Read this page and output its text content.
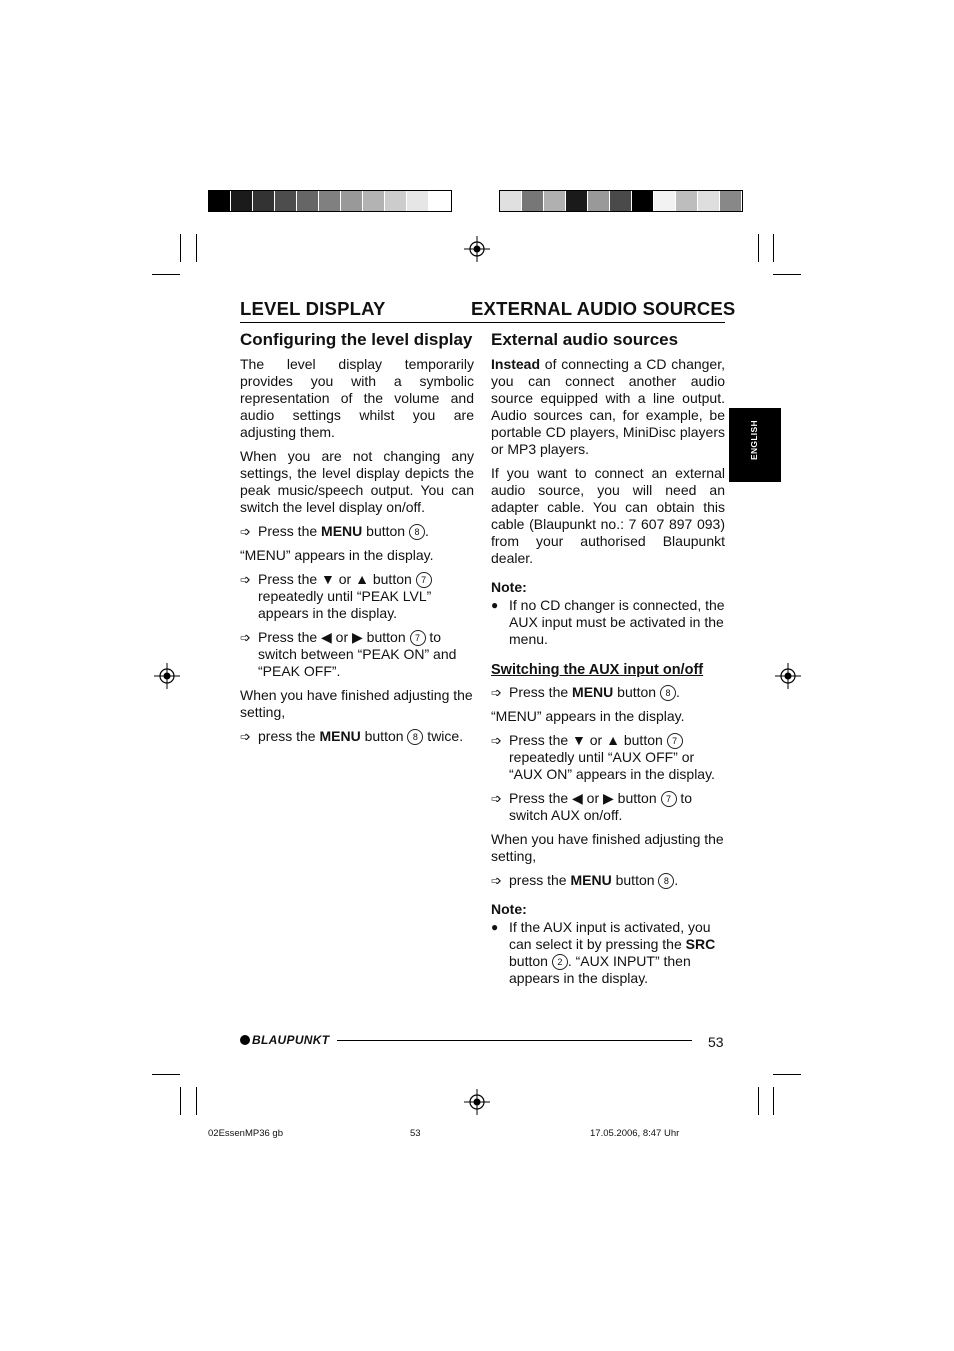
LEVEL DISPLAY	EXTERNAL AUDIO SOURCES
Configuring the level display

The level display temporarily provides you with a symbolic representation of the volume and audio settings whilst you are adjusting them.

When you are not changing any settings, the level display depicts the peak music/speech output. You can switch the level display on/off.

➩ Press the MENU button 8 .

“MENU” appears in the display.

➩ Press the ▼ or ▲ button 7 repeatedly until “PEAK LVL” appears in the display.
➩ Press the ◀ or ▶ button 7 to switch between “PEAK ON” and “PEAK OFF”.

When you have finished adjusting the setting,

➩ press the MENU button 8 twice.
External audio sources

Instead of connecting a CD changer, you can connect another audio source equipped with a line output. Audio sources can, for example, be portable CD players, MiniDisc players or MP3 players.

If you want to connect an external audio source, you will need an adapter cable. You can obtain this cable (Blaupunkt no.: 7 607 897 093) from your authorised Blaupunkt dealer.

Note:
● If no CD changer is connected, the AUX input must be activated in the menu.
Switching the AUX input on/off
➩ Press the MENU button 8 .

“MENU” appears in the display.

➩ Press the ▼ or ▲ button 7 repeatedly until “AUX OFF” or “AUX ON” appears in the display.
➩ Press the ◀ or ▶ button 7 to switch AUX on/off.

When you have finished adjusting the setting,

➩ press the MENU button 8 .
Note:
● If the AUX input is activated, you can select it by pressing the SRC button 2 . “AUX INPUT” then appears in the display.
ENGLISH
BLAUPUNKT	53
02EssenMP36 gb	53	17.05.2006, 8:47 Uhr
